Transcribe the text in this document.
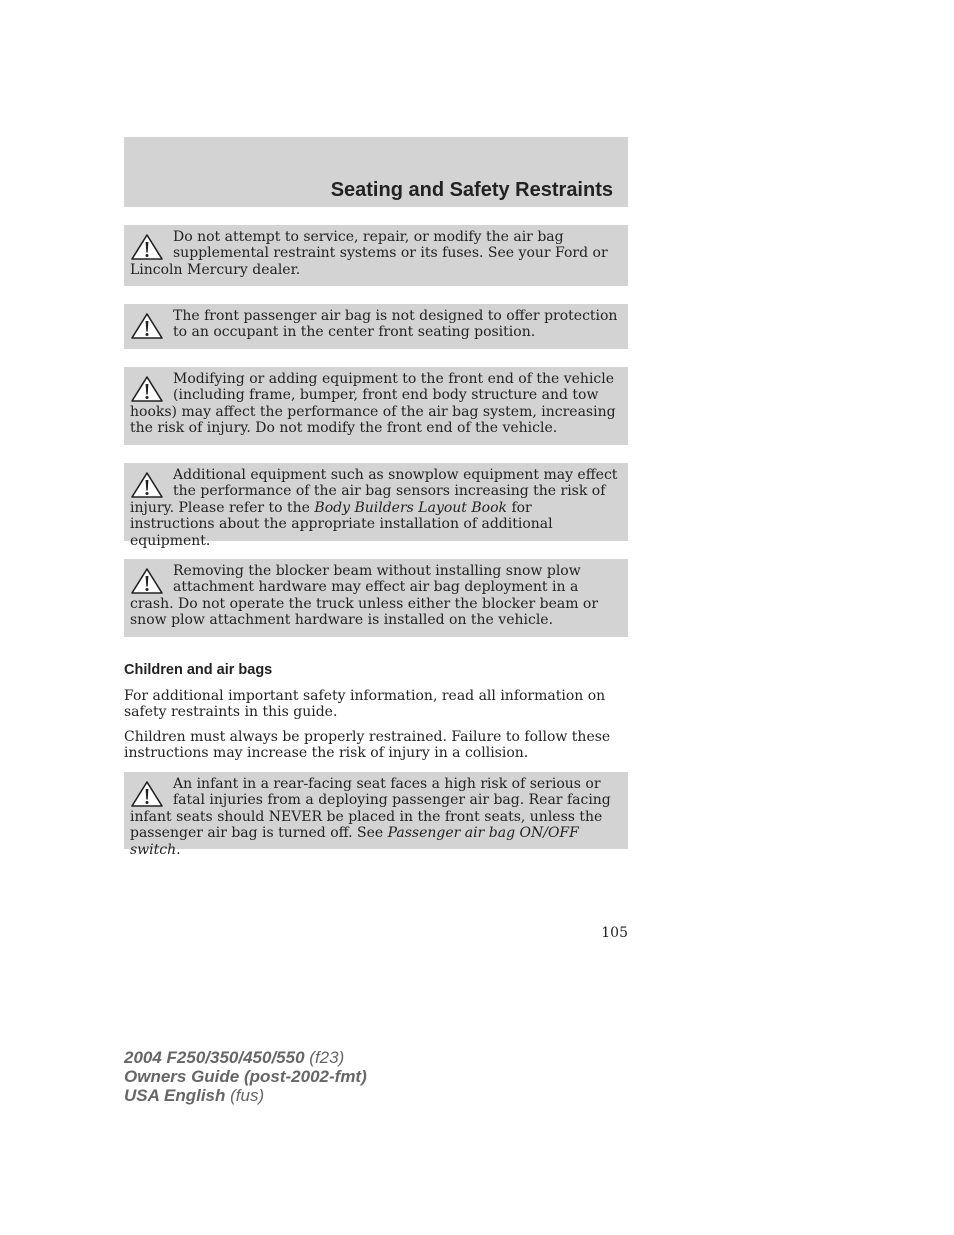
Seating and Safety Restraints

Do not attempt to service, repair, or modify the air bag supplemental restraint systems or its fuses. See your Ford or Lincoln Mercury dealer.

The front passenger air bag is not designed to offer protection to an occupant in the center front seating position.

Modifying or adding equipment to the front end of the vehicle (including frame, bumper, front end body structure and tow hooks) may affect the performance of the air bag system, increasing the risk of injury. Do not modify the front end of the vehicle.

Additional equipment such as snowplow equipment may effect the performance of the air bag sensors increasing the risk of injury. Please refer to the Body Builders Layout Book for instructions about the appropriate installation of additional equipment.

Removing the blocker beam without installing snow plow attachment hardware may effect air bag deployment in a crash. Do not operate the truck unless either the blocker beam or snow plow attachment hardware is installed on the vehicle.

Children and air bags

For additional important safety information, read all information on safety restraints in this guide.

Children must always be properly restrained. Failure to follow these instructions may increase the risk of injury in a collision.

An infant in a rear-facing seat faces a high risk of serious or fatal injuries from a deploying passenger air bag. Rear facing infant seats should NEVER be placed in the front seats, unless the passenger air bag is turned off. See Passenger air bag ON/OFF switch.

105
2004 F250/350/450/550 (f23)
Owners Guide (post-2002-fmt)
USA English (fus)
